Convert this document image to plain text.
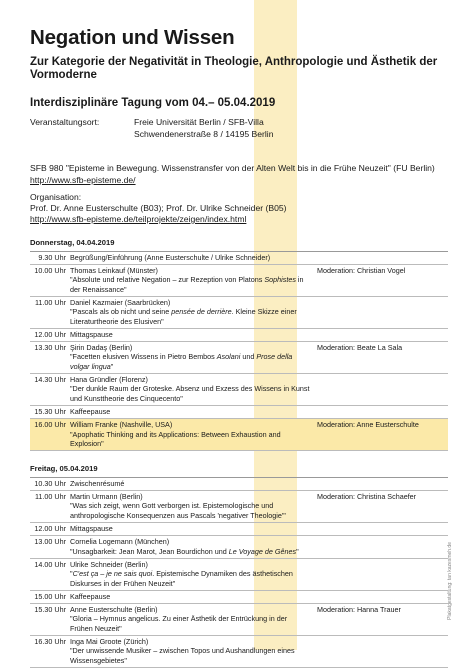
Negation und Wissen
Zur Kategorie der Negativität in Theologie, Anthropologie und Ästhetik der Vormoderne
Interdisziplinäre Tagung vom 04.– 05.04.2019
Veranstaltungsort:	Freie Universität Berlin / SFB-Villa
Schwendenerstraße 8 / 14195 Berlin
SFB 980 "Episteme in Bewegung. Wissenstransfer von der Alten Welt bis in die Frühe Neuzeit" (FU Berlin) http://www.sfb-episteme.de/
Organisation:
Prof. Dr. Anne Eusterschulte (B03); Prof. Dr. Ulrike Schneider (B05)
http://www.sfb-episteme.de/teilprojekte/zeigen/index.html
Donnerstag, 04.04.2019
9.30 Uhr Begrüßung/Einführung (Anne Eusterschulte / Ulrike Schneider)
10.00 Uhr Thomas Leinkauf (Münster)
"Absolute und relative Negation – zur Rezeption von Platons Sophistes in der Renaissance"
Moderation: Christian Vogel
11.00 Uhr Daniel Kazmaier (Saarbrücken)
"Pascals als ob nicht und seine pensée de derrière. Kleine Skizze einer Literaturtheorie des Elusiven"
12.00 Uhr Mittagspause
13.30 Uhr Şirin Dadaş (Berlin)
"Facetten elusiven Wissens in Pietro Bembos Asolani und Prose della volgar lingua"
Moderation: Beate La Sala
14.30 Uhr Hana Gründler (Florenz)
"Der dunkle Raum der Groteske. Absenz und Exzess des Wissens in Kunst und Kunsttheorie des Cinquecento"
15.30 Uhr Kaffeepause
16.00 Uhr William Franke (Nashville, USA)
"Apophatic Thinking and its Applications: Between Exhaustion and Explosion"
Moderation: Anne Eusterschulte
Freitag, 05.04.2019
10.30 Uhr Zwischenrésumé
11.00 Uhr Martin Urmann (Berlin)
"Was sich zeigt, wenn Gott verborgen ist. Epistemologische und anthropologische Konsequenzen aus Pascals 'negativer Theologie'"
Moderation: Christina Schaefer
12.00 Uhr Mittagspause
13.00 Uhr Cornelia Logemann (München)
"Unsagbarkeit: Jean Marot, Jean Bourdichon und Le Voyage de Gênes"
14.00 Uhr Ulrike Schneider (Berlin)
"C'est ça – je ne sais quoi. Epistemische Dynamiken des ästhetischen Diskurses in der Frühen Neuzeit"
15.00 Uhr Kaffeepause
15.30 Uhr Anne Eusterschulte (Berlin)
"Gloria – Hymnus angelicus. Zu einer Ästhetik der Entrückung in der Frühen Neuzeit"
Moderation: Hanna Trauer
16.30 Uhr Inga Mai Groote (Zürich)
"Der unwissende Musiker – zwischen Topos und Aushandlungen eines Wissensgebietes"
Plakatgestaltung: tan kazesmeh.de
